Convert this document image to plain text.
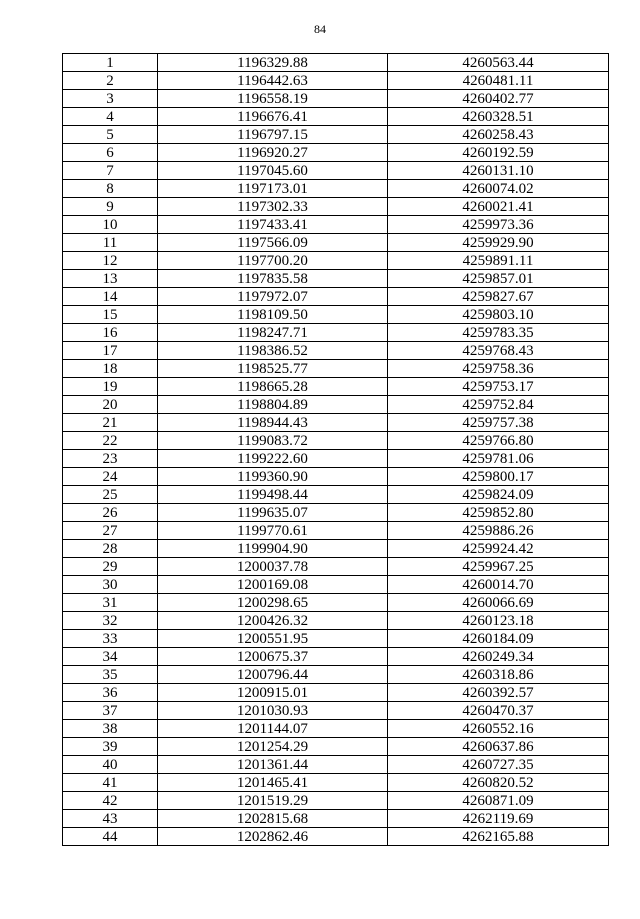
84
1	1196329.88	4260563.44
2	1196442.63	4260481.11
3	1196558.19	4260402.77
4	1196676.41	4260328.51
5	1196797.15	4260258.43
6	1196920.27	4260192.59
7	1197045.60	4260131.10
8	1197173.01	4260074.02
9	1197302.33	4260021.41
10	1197433.41	4259973.36
11	1197566.09	4259929.90
12	1197700.20	4259891.11
13	1197835.58	4259857.01
14	1197972.07	4259827.67
15	1198109.50	4259803.10
16	1198247.71	4259783.35
17	1198386.52	4259768.43
18	1198525.77	4259758.36
19	1198665.28	4259753.17
20	1198804.89	4259752.84
21	1198944.43	4259757.38
22	1199083.72	4259766.80
23	1199222.60	4259781.06
24	1199360.90	4259800.17
25	1199498.44	4259824.09
26	1199635.07	4259852.80
27	1199770.61	4259886.26
28	1199904.90	4259924.42
29	1200037.78	4259967.25
30	1200169.08	4260014.70
31	1200298.65	4260066.69
32	1200426.32	4260123.18
33	1200551.95	4260184.09
34	1200675.37	4260249.34
35	1200796.44	4260318.86
36	1200915.01	4260392.57
37	1201030.93	4260470.37
38	1201144.07	4260552.16
39	1201254.29	4260637.86
40	1201361.44	4260727.35
41	1201465.41	4260820.52
42	1201519.29	4260871.09
43	1202815.68	4262119.69
44	1202862.46	4262165.88
